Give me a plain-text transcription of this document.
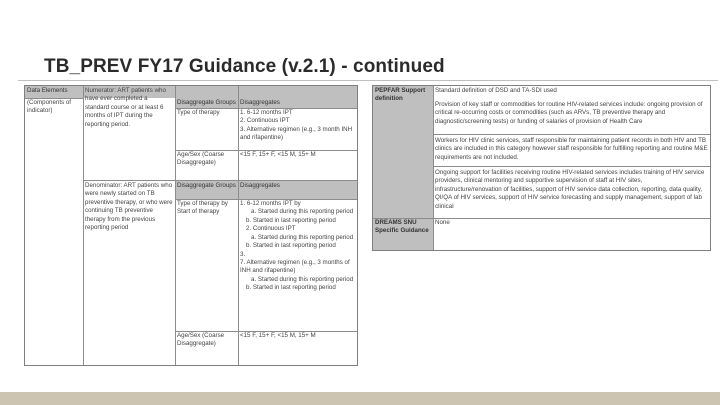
TB_PREV FY17 Guidance (v.2.1) - continued
Data Elements
(Components of indicator)
Numerator: ART patients who have ever completed a standard course or at least 6 months of IPT during the reporting period.
Disaggregate Groups Disaggregates
Type of therapy	1. 6-12 months IPT
2. Continuous IPT
3. Alternative regimen (e.g., 3 month INH and rifapentine)
Age/Sex (Coarse Disaggregate)
<15 F, 15+ F, <15 M, 15+ M
Denominator: ART patients who were newly started on TB preventive therapy, or who were continuing TB preventive therapy from the previous reporting period
Disaggregate Groups Disaggregates
Type of therapy by Start of therapy
1. 6-12 months IPT by
a. Started during this reporting period
b. Started in last reporting period
2. Continuous IPT
a. Started during this reporting period
b. Started in last reporting period
3.
7. Alternative regimen (e.g., 3 months of INH and rifapentine)
a. Started during this reporting period
b. Started in last reporting period
Age/Sex (Coarse Disaggregate)
<15 F, 15+ F, <15 M, 15+ M
PEPFAR Support definition
Standard definition of DSD and TA-SDI used
Provision of key staff or commodities for routine HIV-related services include: ongoing provision of critical re-occurring costs or commodities (such as ARVs, TB preventive therapy and diagnostic/screening tests) or funding of salaries of provision of Health Care
Workers for HIV clinic services, staff responsible for maintaining patient records in both HIV and TB clinics are included in this category however staff responsible for fulfilling reporting and routine M&E requirements are not included.
Ongoing support for facilities receiving routine HIV-related services includes training of HIV service providers, clinical mentoring and supportive supervision of staff at HIV sites, infrastructure/renovation of facilities, support of HIV service data collection, reporting, data quality, QI/QA of HIV services, support of HIV service forecasting and supply management, support of lab clinical
DREAMS SNU Specific Guidance
None
